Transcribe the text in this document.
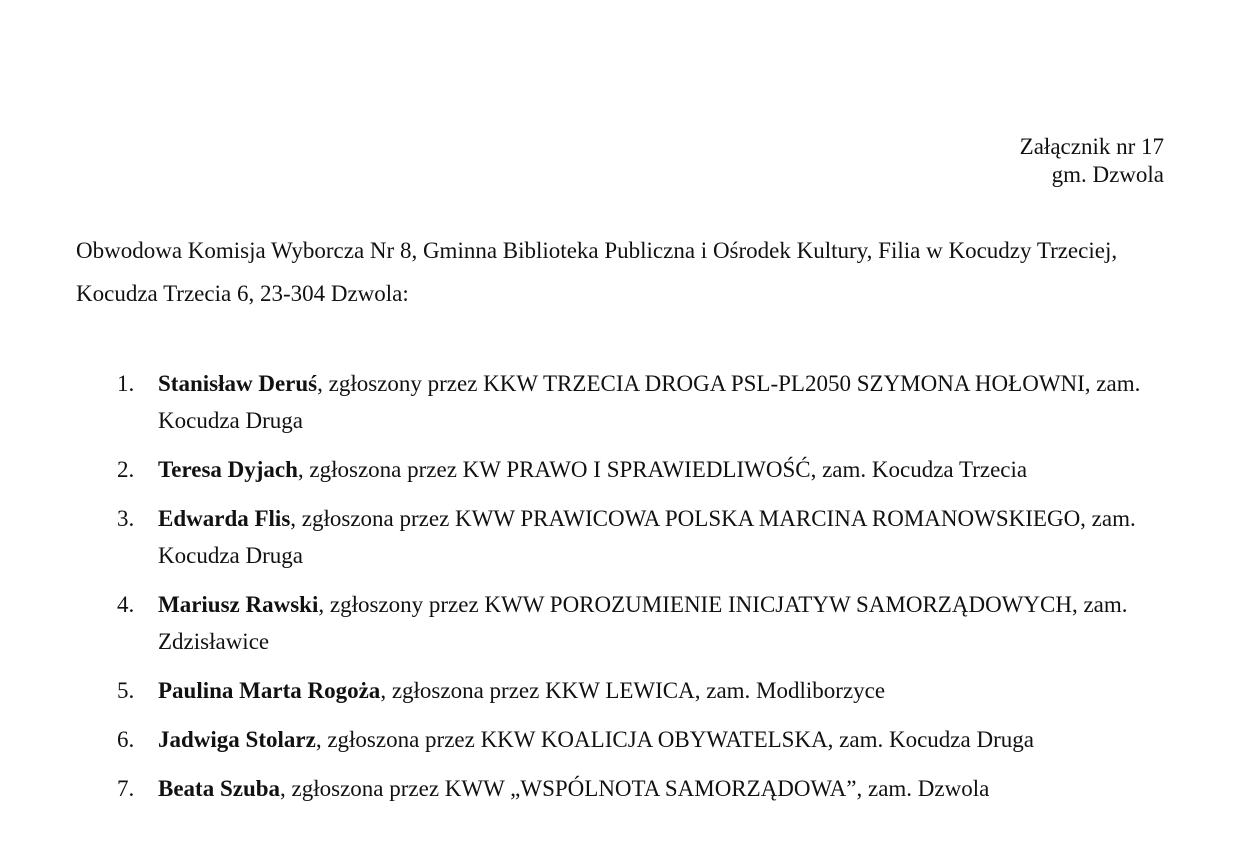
Załącznik nr 17
gm. Dzwola
Obwodowa Komisja Wyborcza Nr 8, Gminna Biblioteka Publiczna i Ośrodek Kultury, Filia w Kocudzy Trzeciej, Kocudza Trzecia 6, 23-304 Dzwola:
1. Stanisław Deruś, zgłoszony przez KKW TRZECIA DROGA PSL-PL2050 SZYMONA HOŁOWNI, zam. Kocudza Druga
2. Teresa Dyjach, zgłoszona przez KW PRAWO I SPRAWIEDLIWOŚĆ, zam. Kocudza Trzecia
3. Edwarda Flis, zgłoszona przez KWW PRAWICOWA POLSKA MARCINA ROMANOWSKIEGO, zam. Kocudza Druga
4. Mariusz Rawski, zgłoszony przez KWW POROZUMIENIE INICJATYW SAMORZĄDOWYCH, zam. Zdzisławice
5. Paulina Marta Rogoża, zgłoszona przez KKW LEWICA, zam. Modliborzyce
6. Jadwiga Stolarz, zgłoszona przez KKW KOALICJA OBYWATELSKA, zam. Kocudza Druga
7. Beata Szuba, zgłoszona przez KWW „WSPÓLNOTA SAMORZĄDOWA”, zam. Dzwola
